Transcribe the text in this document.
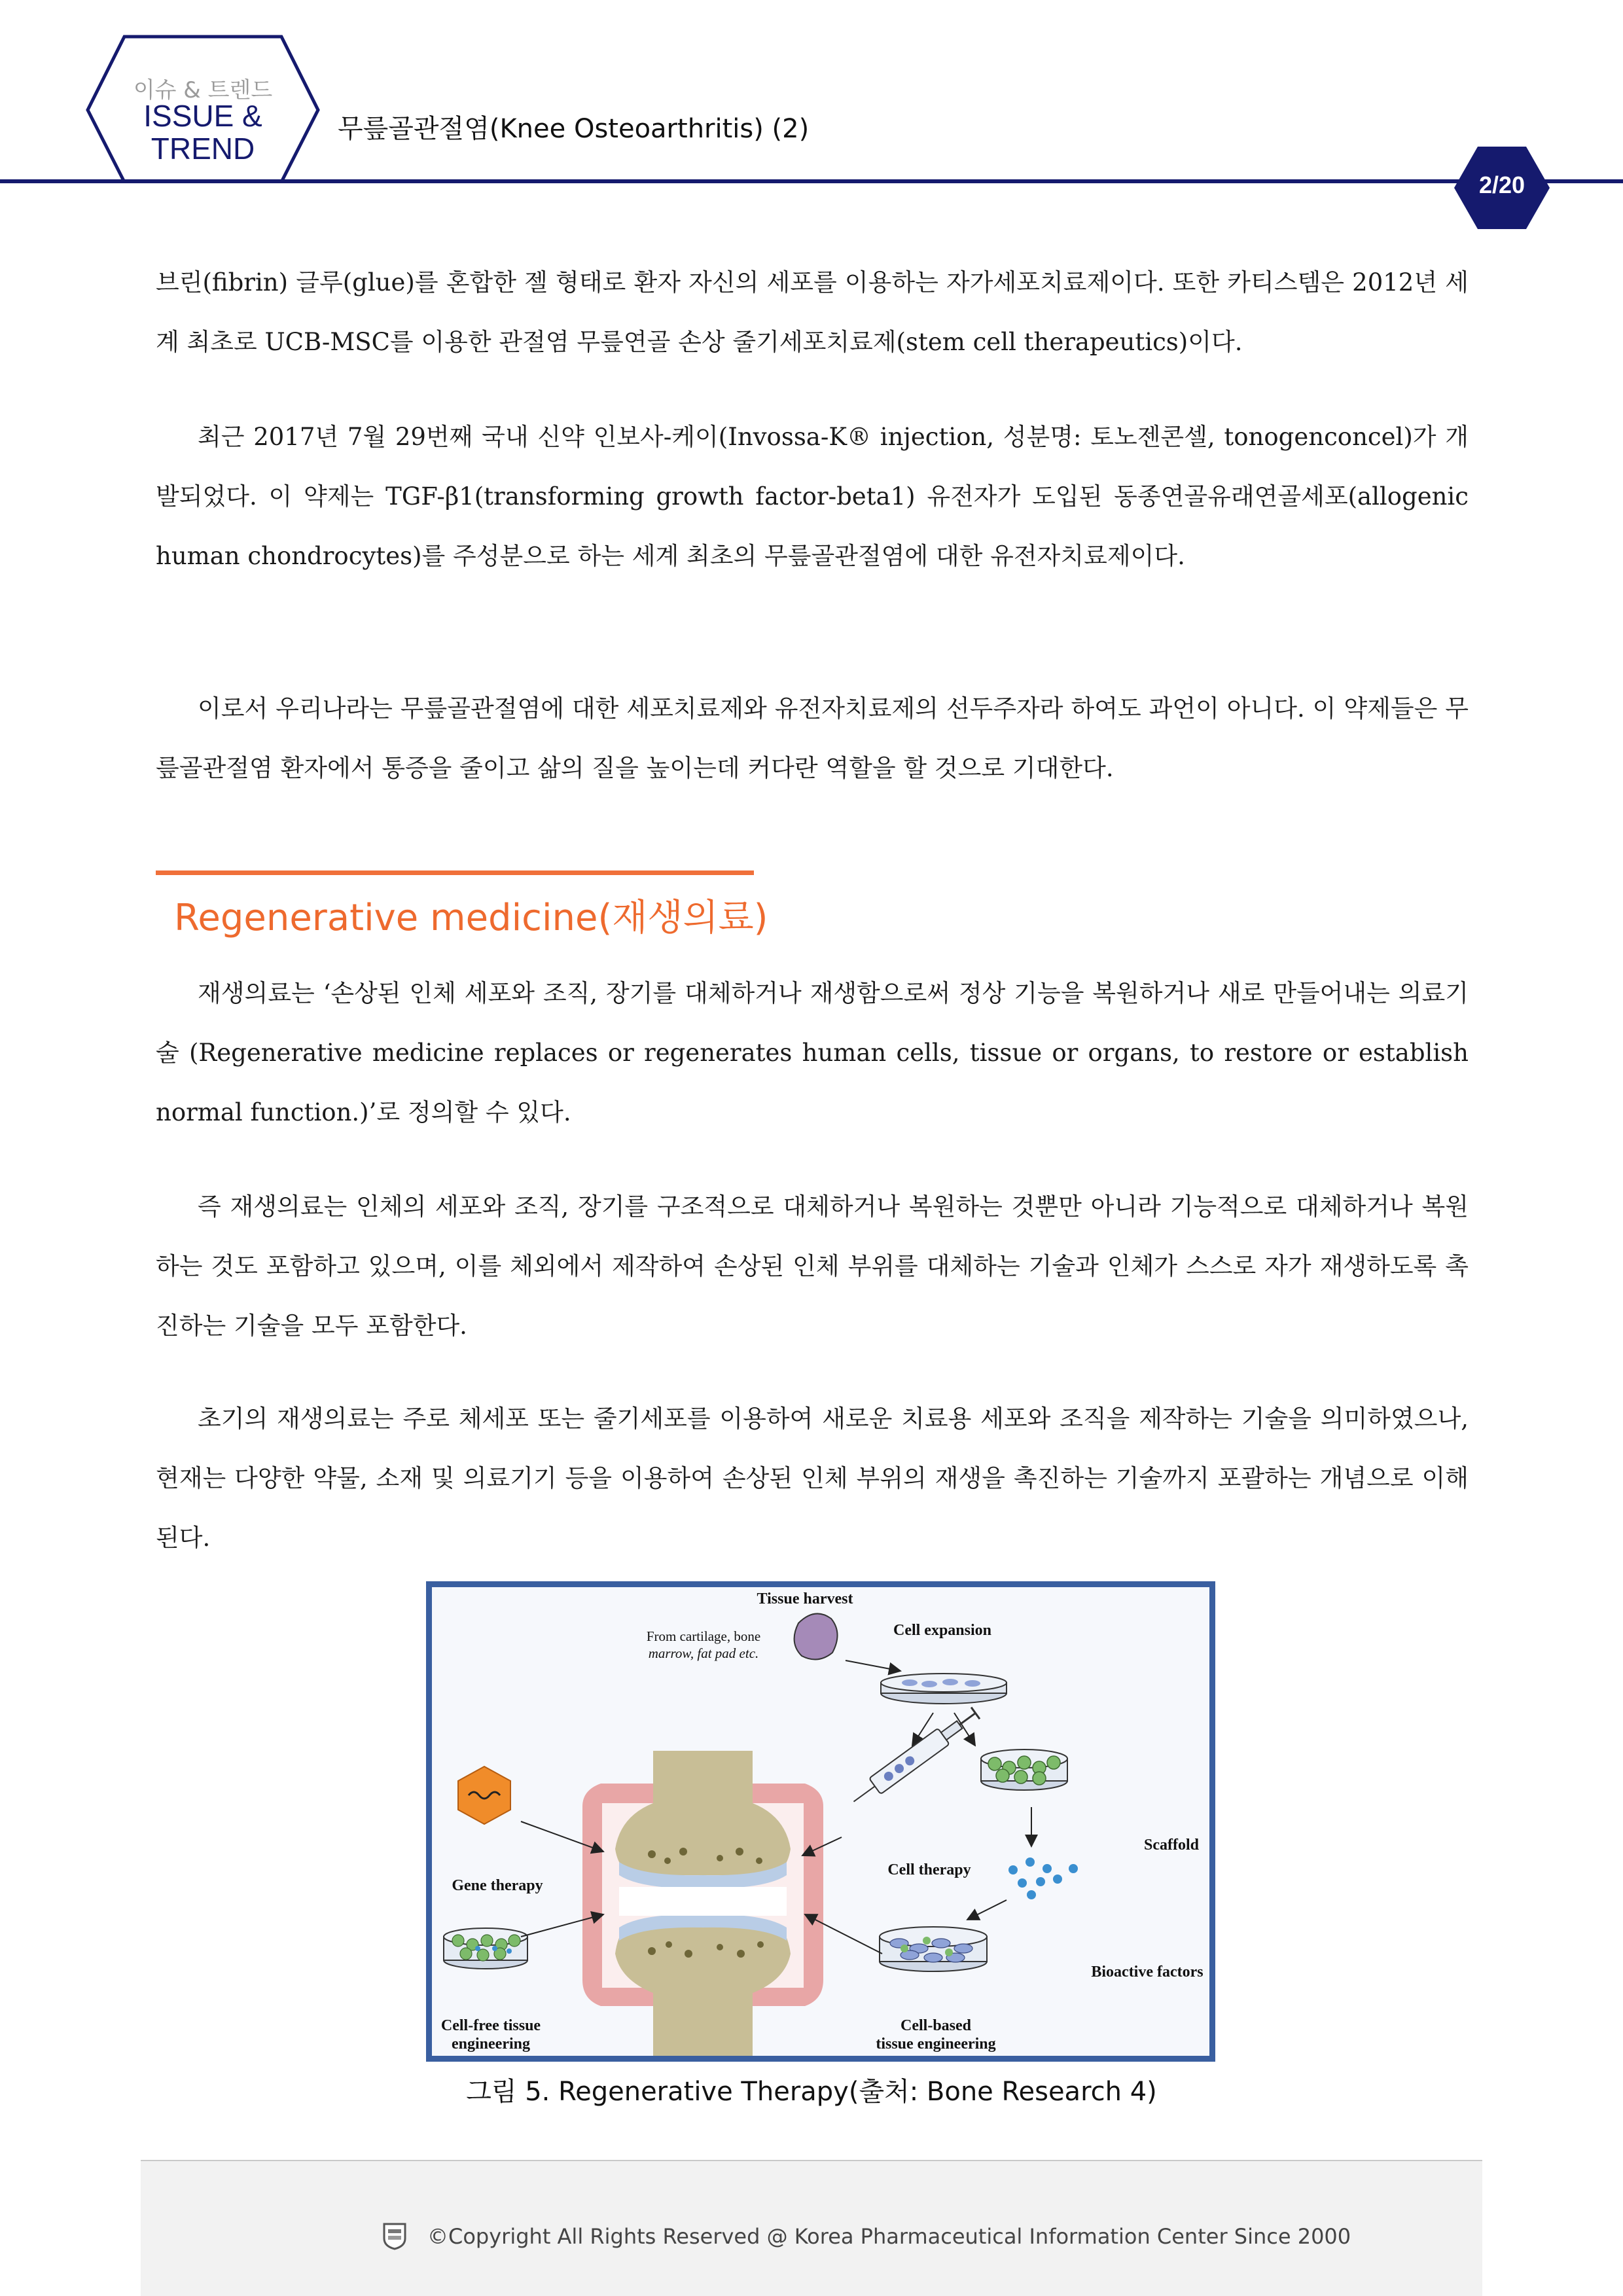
이슈 & 트렌드
ISSUE &
TREND
무릎골관절염(Knee Osteoarthritis) (2)
2/20

브린(fibrin) 글루(glue)를 혼합한 젤 형태로 환자 자신의 세포를 이용하는 자가세포치료제이다. 또한 카티스템은 2012년 세계 최초로 UCB-MSC를 이용한 관절염 무릎연골 손상 줄기세포치료제(stem cell therapeutics)이다.

최근 2017년 7월 29번째 국내 신약 인보사-케이(Invossa-K® injection, 성분명: 토노젠콘셀, tonogenconcel)가 개발되었다. 이 약제는 TGF-β1(transforming growth factor-beta1) 유전자가 도입된 동종연골유래연골세포(allogenic human chondrocytes)를 주성분으로 하는 세계 최초의 무릎골관절염에 대한 유전자치료제이다.

이로서 우리나라는 무릎골관절염에 대한 세포치료제와 유전자치료제의 선두주자라 하여도 과언이 아니다. 이 약제들은 무릎골관절염 환자에서 통증을 줄이고 삶의 질을 높이는데 커다란 역할을 할 것으로 기대한다.

Regenerative medicine(재생의료)

재생의료는 ‘손상된 인체 세포와 조직, 장기를 대체하거나 재생함으로써 정상 기능을 복원하거나 새로 만들어내는 의료기술 (Regenerative medicine replaces or regenerates human cells, tissue or organs, to restore or establish normal function.)’로 정의할 수 있다.

즉 재생의료는 인체의 세포와 조직, 장기를 구조적으로 대체하거나 복원하는 것뿐만 아니라 기능적으로 대체하거나 복원하는 것도 포함하고 있으며, 이를 체외에서 제작하여 손상된 인체 부위를 대체하는 기술과 인체가 스스로 자가 재생하도록 촉진하는 기술을 모두 포함한다.

초기의 재생의료는 주로 체세포 또는 줄기세포를 이용하여 새로운 치료용 세포와 조직을 제작하는 기술을 의미하였으나, 현재는 다양한 약물, 소재 및 의료기기 등을 이용하여 손상된 인체 부위의 재생을 촉진하는 기술까지 포괄하는 개념으로 이해된다.

Tissue harvest
From cartilage, bone
marrow, fat pad etc.
Cell expansion
Scaffold
Gene therapy
Cell therapy
Bioactive factors
Cell-free tissue
engineering
Cell-based
tissue engineering
그림 5. Regenerative Therapy(출처: Bone Research 4)
©Copyright All Rights Reserved @ Korea Pharmaceutical Information Center Since 2000
